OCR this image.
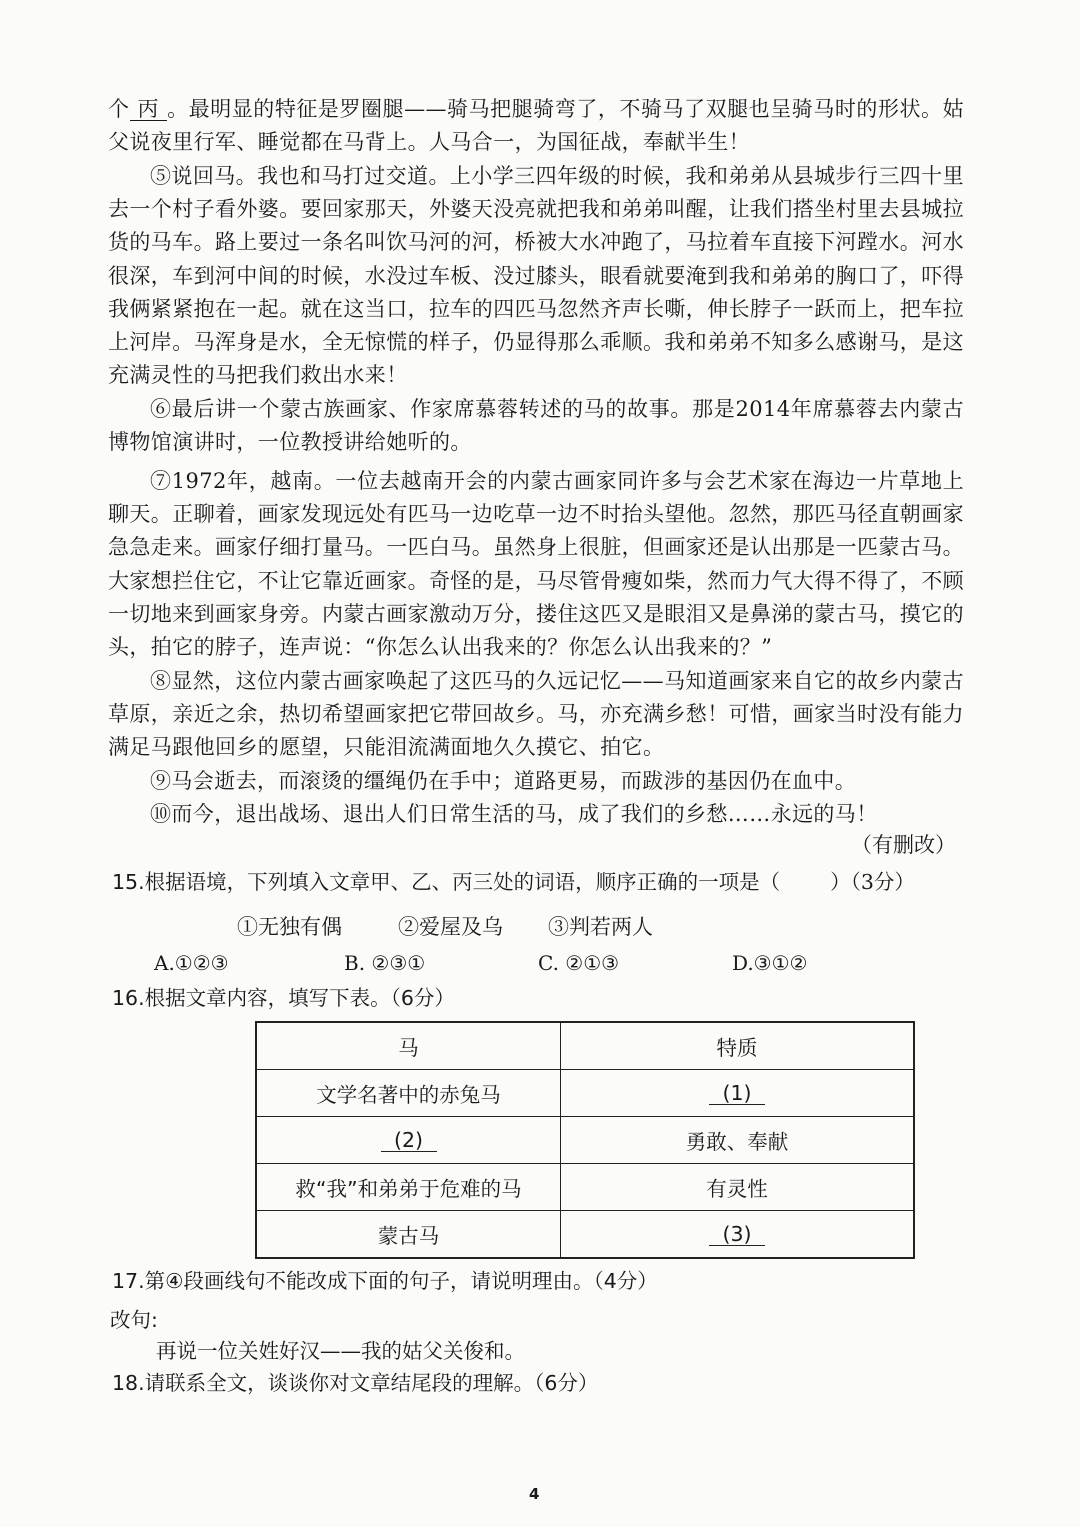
个 丙 。最明显的特征是罗圈腿——骑马把腿骑弯了，不骑马了双腿也呈骑马时的形状。姑父说夜里行军、睡觉都在马背上。人马合一，为国征战，奉献半生！

⑤说回马。我也和马打过交道。上小学三四年级的时候，我和弟弟从县城步行三四十里去一个村子看外婆。要回家那天，外婆天没亮就把我和弟弟叫醒，让我们搭坐村里去县城拉货的马车。路上要过一条名叫饮马河的河，桥被大水冲跑了，马拉着车直接下河蹚水。河水很深，车到河中间的时候，水没过车板、没过膝头，眼看就要淹到我和弟弟的胸口了，吓得我俩紧紧抱在一起。就在这当口，拉车的四匹马忽然齐声长嘶，伸长脖子一跃而上，把车拉上河岸。马浑身是水，全无惊慌的样子，仍显得那么乖顺。我和弟弟不知多么感谢马，是这充满灵性的马把我们救出水来！

⑥最后讲一个蒙古族画家、作家席慕蓉转述的马的故事。那是2014年席慕蓉去内蒙古博物馆演讲时，一位教授讲给她听的。

⑦1972年，越南。一位去越南开会的内蒙古画家同许多与会艺术家在海边一片草地上聊天。正聊着，画家发现远处有匹马一边吃草一边不时抬头望他。忽然，那匹马径直朝画家急急走来。画家仔细打量马。一匹白马。虽然身上很脏，但画家还是认出那是一匹蒙古马。大家想拦住它，不让它靠近画家。奇怪的是，马尽管骨瘦如柴，然而力气大得不得了，不顾一切地来到画家身旁。内蒙古画家激动万分，搂住这匹又是眼泪又是鼻涕的蒙古马，摸它的头，拍它的脖子，连声说：“你怎么认出我来的？你怎么认出我来的？”

⑧显然，这位内蒙古画家唤起了这匹马的久远记忆——马知道画家来自它的故乡内蒙古草原，亲近之余，热切希望画家把它带回故乡。马，亦充满乡愁！可惜，画家当时没有能力满足马跟他回乡的愿望，只能泪流满面地久久摸它、拍它。

⑨马会逝去，而滚烫的缰绳仍在手中；道路更易，而跋涉的基因仍在血中。

⑩而今，退出战场、退出人们日常生活的马，成了我们的乡愁……永远的马！

（有删改）

15.根据语境，下列填入文章甲、乙、丙三处的词语，顺序正确的一项是（ ）（3分）

①无独有偶	②爱屋及乌 ③判若两人

A.①②③	B. ②③①	C. ②①③	D.③①②

16.根据文章内容，填写下表。（6分）

马	特质
文学名著中的赤兔马	(1)
(2)	勇敢、奉献
救“我”和弟弟于危难的马	有灵性
蒙古马	(3)

17.第④段画线句不能改成下面的句子，请说明理由。（4分）

改句:

再说一位关姓好汉——我的姑父关俊和。

18.请联系全文，谈谈你对文章结尾段的理解。（6分）

4
